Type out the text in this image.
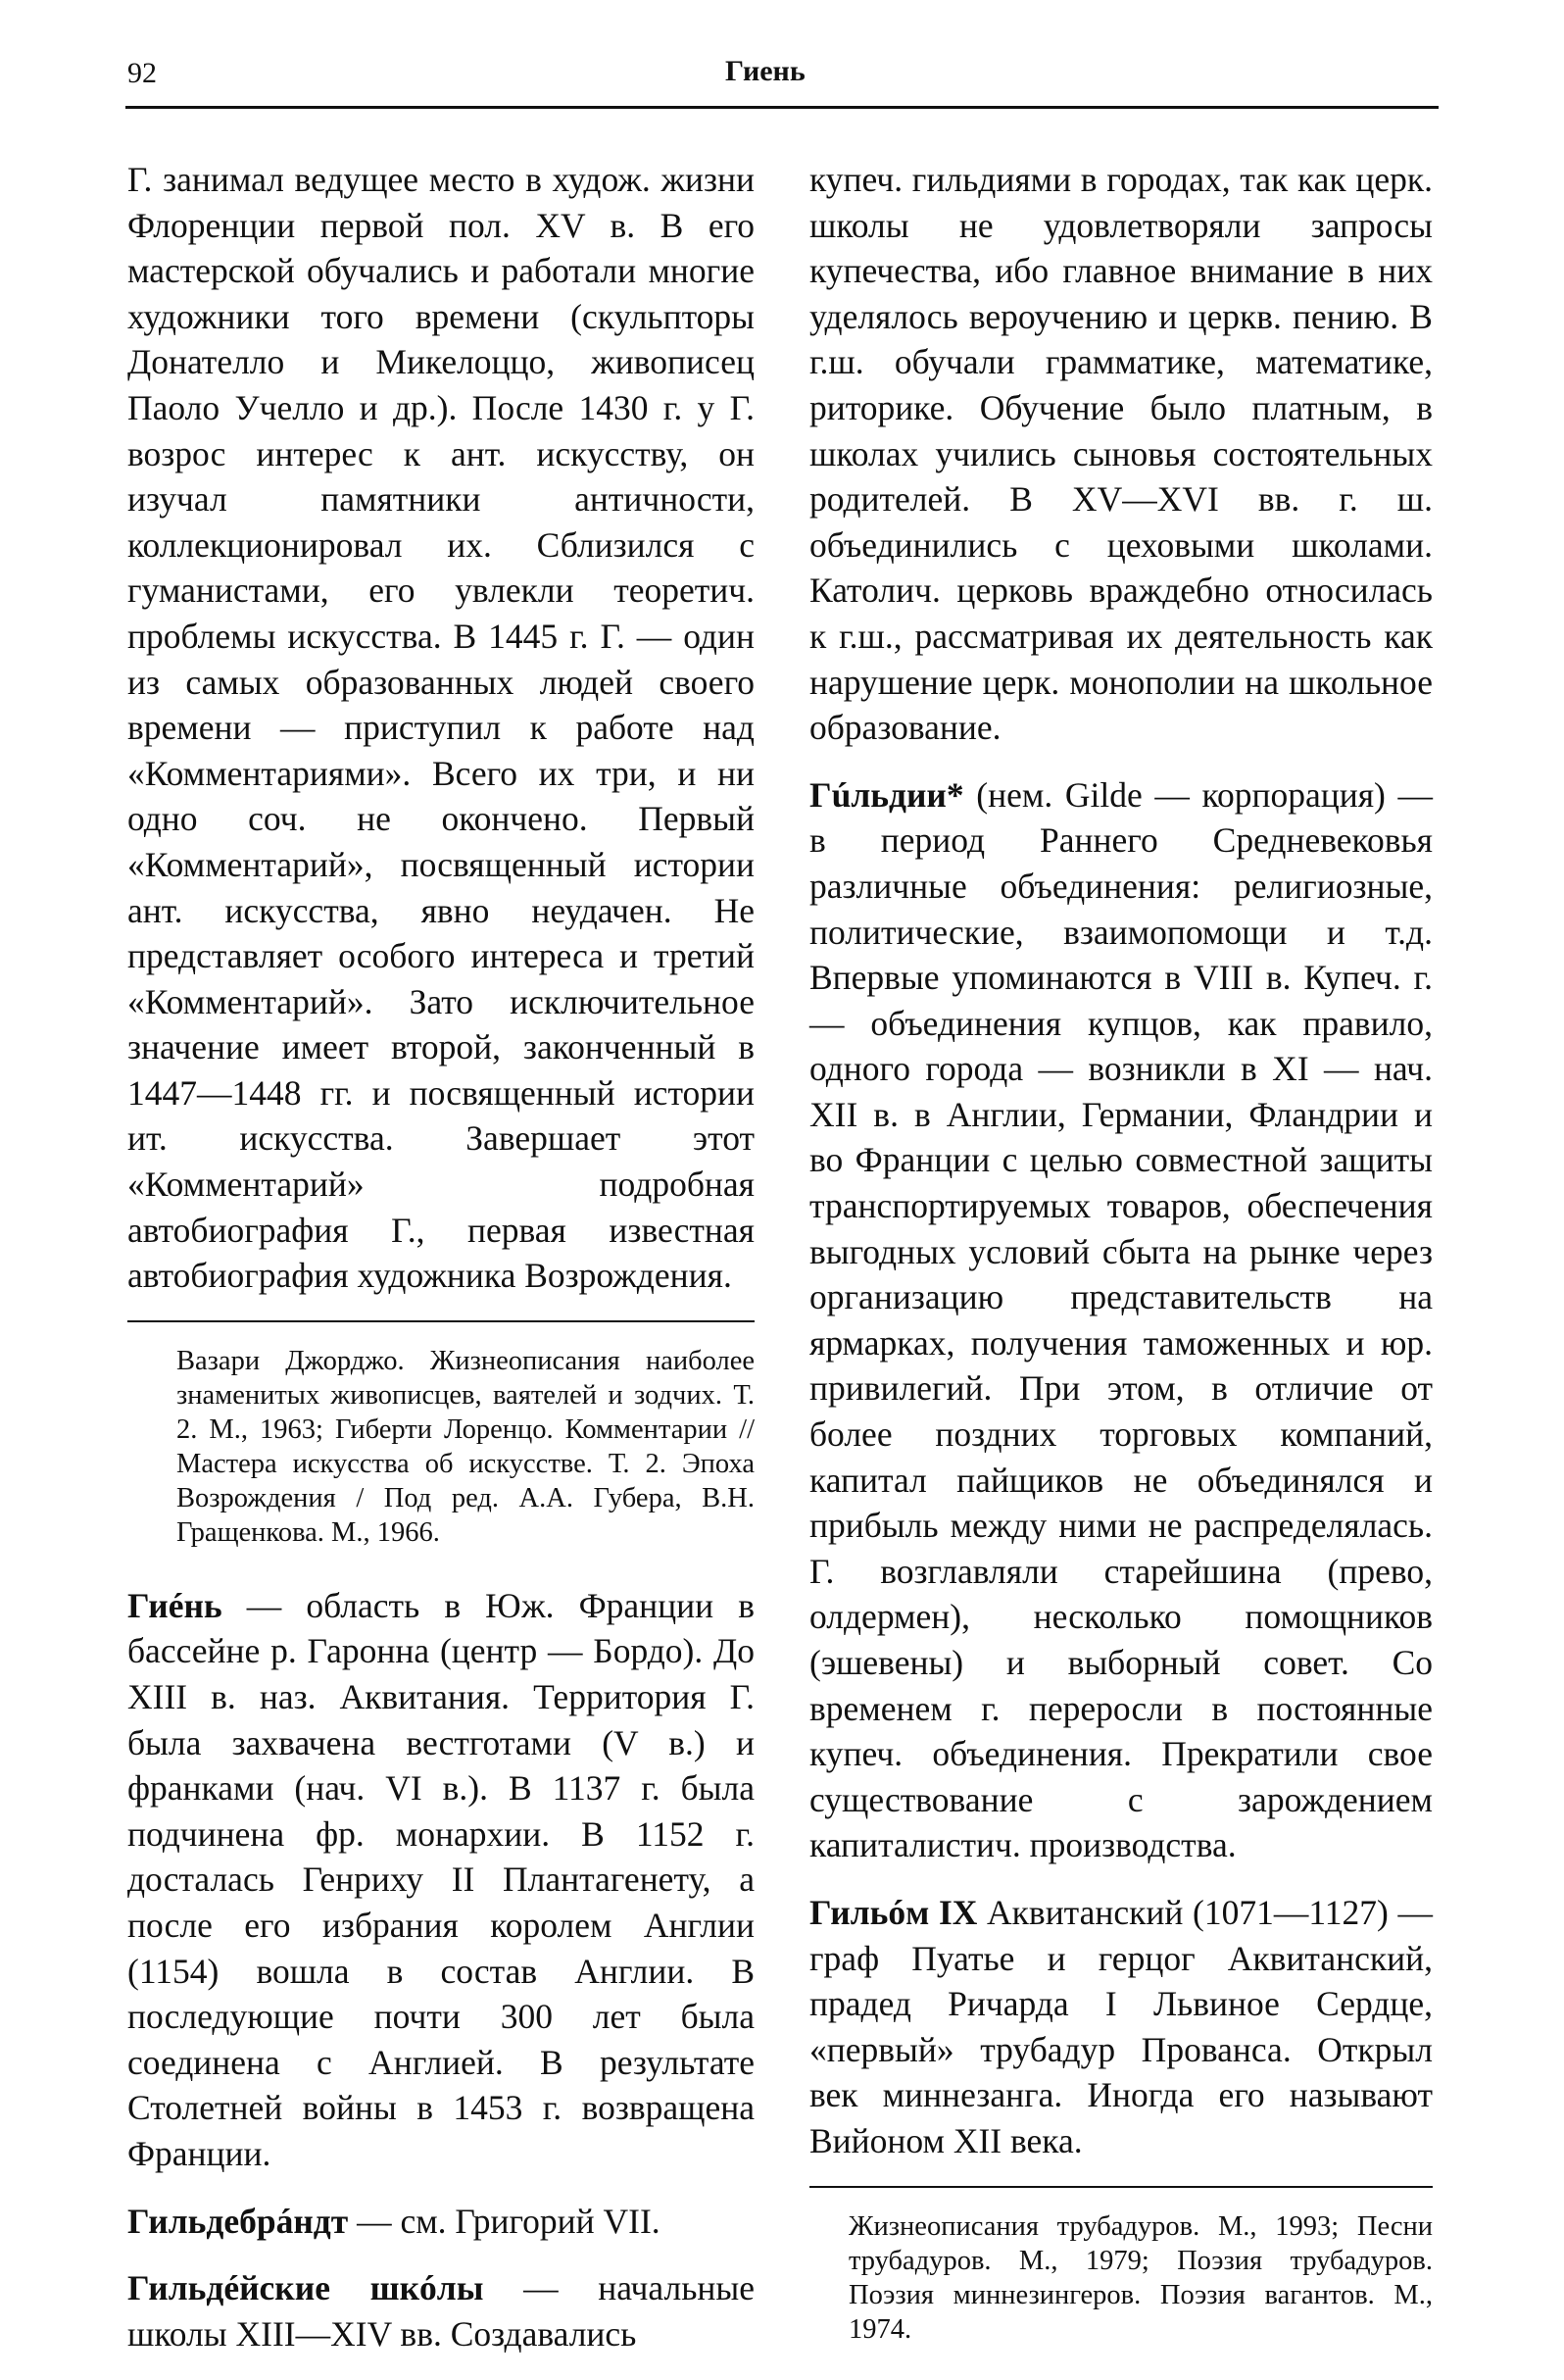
92	Гиень

Г. занимал ведущее место в худож. жизни Флоренции первой пол. XV в. В его мастерской обучались и работали многие художники того времени (скульпторы Донателло и Микелоццо, живописец Паоло Учелло и др.). После 1430 г. у Г. возрос интерес к ант. искусству, он изучал памятники античности, коллекционировал их. Сблизился с гуманистами, его увлекли теоретич. проблемы искусства. В 1445 г. Г. — один из самых образованных людей своего времени — приступил к работе над «Комментариями». Всего их три, и ни одно соч. не окончено. Первый «Комментарий», посвященный истории ант. искусства, явно неудачен. Не представляет особого интереса и третий «Комментарий». Зато исключительное значение имеет второй, законченный в 1447—1448 гг. и посвященный истории ит. искусства. Завершает этот «Комментарий» подробная автобиография Г., первая известная автобиография художника Возрождения.

Вазари Джорджо. Жизнеописания наиболее знаменитых живописцев, ваятелей и зодчих. Т. 2. М., 1963; Гиберти Лоренцо. Комментарии // Мастера искусства об искусстве. Т. 2. Эпоха Возрождения / Под ред. А.А. Губера, В.Н. Гращенкова. М., 1966.

Гиéнь — область в Юж. Франции в бассейне р. Гаронна (центр — Бордо). До XIII в. наз. Аквитания. Территория Г. была захвачена вестготами (V в.) и франками (нач. VI в.). В 1137 г. была подчинена фр. монархии. В 1152 г. досталась Генриху II Плантагенету, а после его избрания королем Англии (1154) вошла в состав Англии. В последующие почти 300 лет была соединена с Англией. В результате Столетней войны в 1453 г. возвращена Франции.

Гильдебрáндт — см. Григорий VII.

Гильдéйские шкóлы — начальные школы XIII—XIV вв. Создавались

купеч. гильдиями в городах, так как церк. школы не удовлетворяли запросы купечества, ибо главное внимание в них уделялось вероучению и церкв. пению. В г.ш. обучали грамматике, математике, риторике. Обучение было платным, в школах учились сыновья состоятельных родителей. В XV—XVI вв. г. ш. объединились с цеховыми школами. Католич. церковь враждебно относилась к г.ш., рассматривая их деятельность как нарушение церк. монополии на школьное образование.

Гúльдии* (нем. Gilde — корпорация) — в период Раннего Средневековья различные объединения: религиозные, политические, взаимопомощи и т.д. Впервые упоминаются в VIII в. Купеч. г. — объединения купцов, как правило, одного города — возникли в XI — нач. XII в. в Англии, Германии, Фландрии и во Франции с целью совместной защиты транспортируемых товаров, обеспечения выгодных условий сбыта на рынке через организацию представительств на ярмарках, получения таможенных и юр. привилегий. При этом, в отличие от более поздних торговых компаний, капитал пайщиков не объединялся и прибыль между ними не распределялась. Г. возглавляли старейшина (прево, олдермен), несколько помощников (эшевены) и выборный совет. Со временем г. переросли в постоянные купеч. объединения. Прекратили свое существование с зарождением капиталистич. производства.

Гильóм IX Аквитанский (1071—1127) — граф Пуатье и герцог Аквитанский, прадед Ричарда I Львиное Сердце, «первый» трубадур Прованса. Открыл век миннезанга. Иногда его называют Вийоном XII века.

Жизнеописания трубадуров. М., 1993; Песни трубадуров. М., 1979; Поэзия трубадуров. Поэзия миннезингеров. Поэзия вагантов. М., 1974.
